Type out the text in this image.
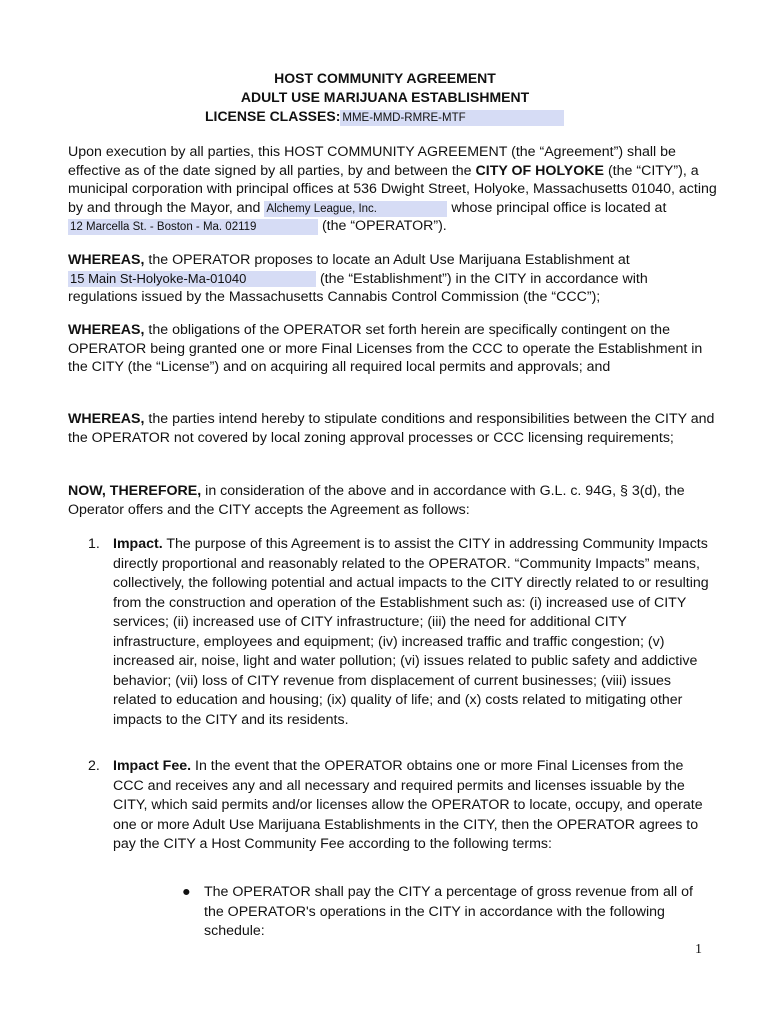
HOST COMMUNITY AGREEMENT
ADULT USE MARIJUANA ESTABLISHMENT
LICENSE CLASSES: MME-MMD-RMRE-MTF
Upon execution by all parties, this HOST COMMUNITY AGREEMENT (the “Agreement”) shall be effective as of the date signed by all parties, by and between the CITY OF HOLYOKE (the “CITY”), a municipal corporation with principal offices at 536 Dwight Street, Holyoke, Massachusetts 01040, acting by and through the Mayor, and Alchemy League, Inc.	whose principal office is located at 12 Marcella St. - Boston - Ma. 02119	(the “OPERATOR”).
WHEREAS, the OPERATOR proposes to locate an Adult Use Marijuana Establishment at 15 Main St-Holyoke-Ma-01040	(the “Establishment”) in the CITY in accordance with regulations issued by the Massachusetts Cannabis Control Commission (the “CCC”);
WHEREAS, the obligations of the OPERATOR set forth herein are specifically contingent on the OPERATOR being granted one or more Final Licenses from the CCC to operate the Establishment in the CITY (the “License”) and on acquiring all required local permits and approvals; and
WHEREAS, the parties intend hereby to stipulate conditions and responsibilities between the CITY and the OPERATOR not covered by local zoning approval processes or CCC licensing requirements;
NOW, THEREFORE, in consideration of the above and in accordance with G.L. c. 94G, § 3(d), the Operator offers and the CITY accepts the Agreement as follows:
1. Impact. The purpose of this Agreement is to assist the CITY in addressing Community Impacts directly proportional and reasonably related to the OPERATOR. “Community Impacts” means, collectively, the following potential and actual impacts to the CITY directly related to or resulting from the construction and operation of the Establishment such as: (i) increased use of CITY services; (ii) increased use of CITY infrastructure; (iii) the need for additional CITY infrastructure, employees and equipment; (iv) increased traffic and traffic congestion; (v) increased air, noise, light and water pollution; (vi) issues related to public safety and addictive behavior; (vii) loss of CITY revenue from displacement of current businesses; (viii) issues related to education and housing; (ix) quality of life; and (x) costs related to mitigating other impacts to the CITY and its residents.
2. Impact Fee. In the event that the OPERATOR obtains one or more Final Licenses from the CCC and receives any and all necessary and required permits and licenses issuable by the CITY, which said permits and/or licenses allow the OPERATOR to locate, occupy, and operate one or more Adult Use Marijuana Establishments in the CITY, then the OPERATOR agrees to pay the CITY a Host Community Fee according to the following terms:
● The OPERATOR shall pay the CITY a percentage of gross revenue from all of the OPERATOR's operations in the CITY in accordance with the following schedule:
1
